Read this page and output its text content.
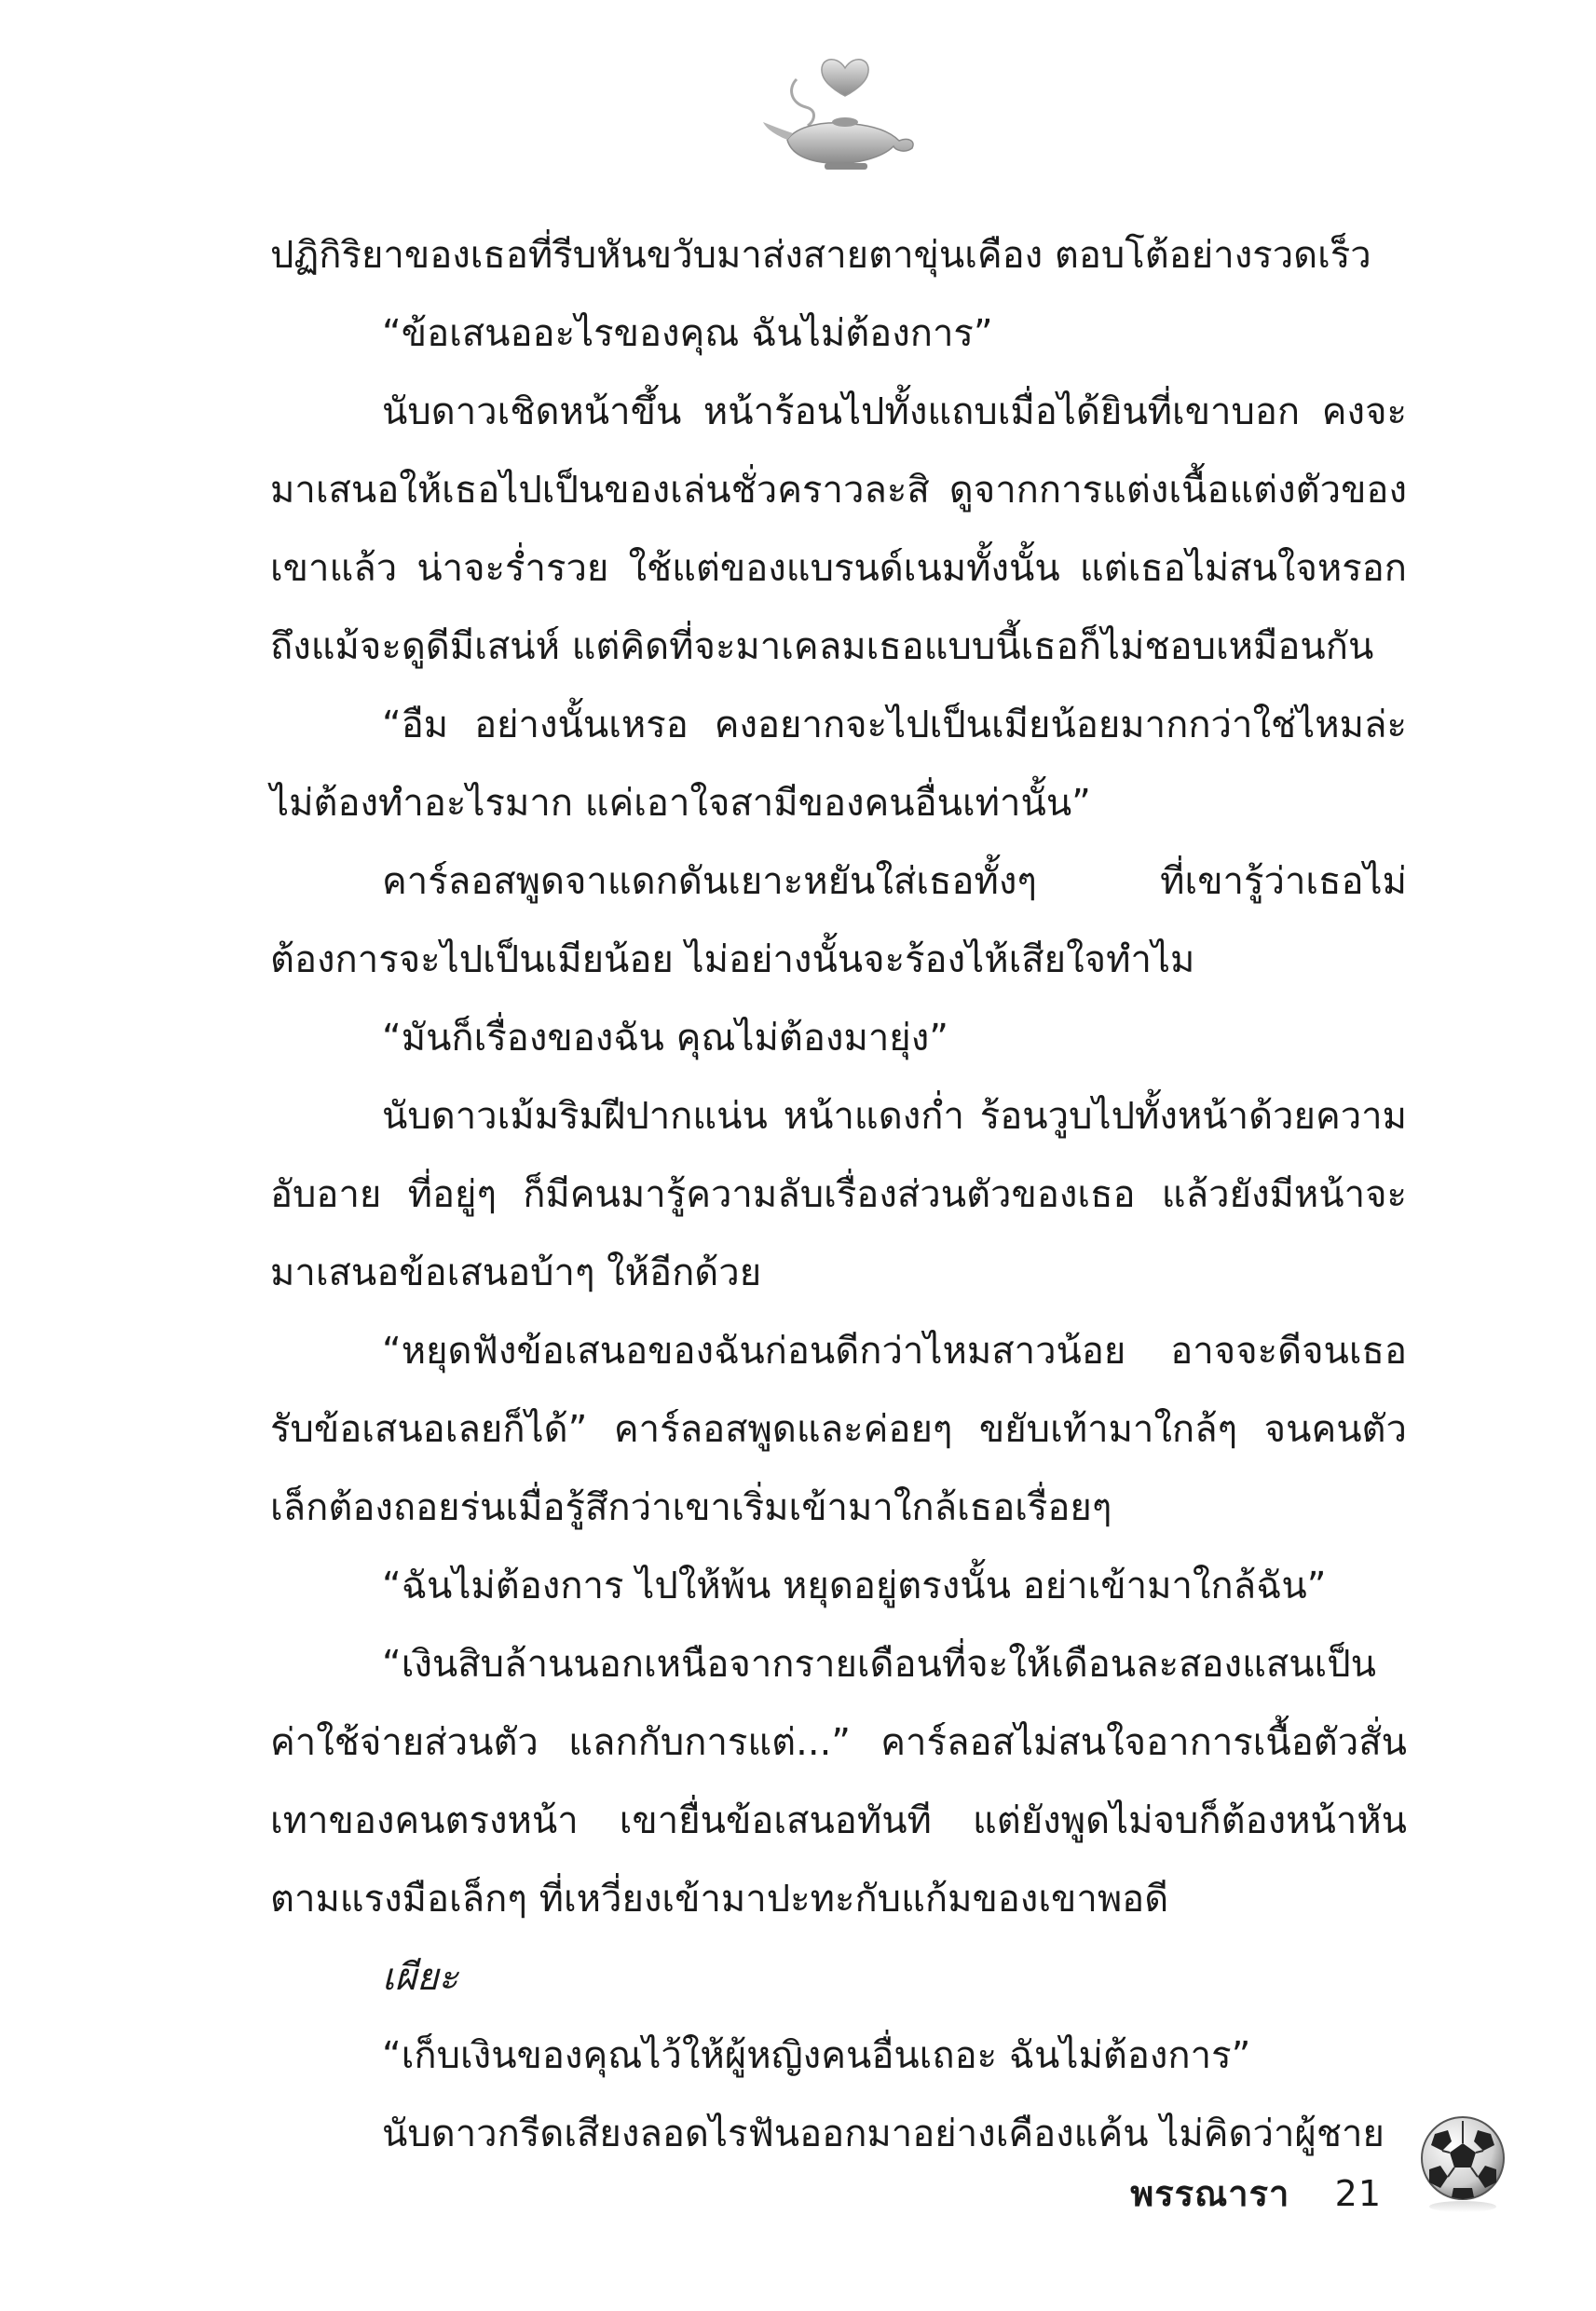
ปฏิกิริยาของเธอที่รีบหันขวับมาส่งสายตาขุ่นเคือง ตอบโต้อย่างรวดเร็ว

“ข้อเสนออะไรของคุณ ฉันไม่ต้องการ”

นับดาวเชิดหน้าขึ้น หน้าร้อนไปทั้งแถบเมื่อได้ยินที่เขาบอก คงจะมาเสนอให้เธอไปเป็นของเล่นชั่วคราวละสิ ดูจากการแต่งเนื้อแต่งตัวของเขาแล้ว น่าจะร่ำรวย ใช้แต่ของแบรนด์เนมทั้งนั้น แต่เธอไม่สนใจหรอก ถึงแม้จะดูดีมีเสน่ห์ แต่คิดที่จะมาเคลมเธอแบบนี้เธอก็ไม่ชอบเหมือนกัน

“อืม อย่างนั้นเหรอ คงอยากจะไปเป็นเมียน้อยมากกว่าใช่ไหมล่ะ ไม่ต้องทำอะไรมาก แค่เอาใจสามีของคนอื่นเท่านั้น”

คาร์ลอสพูดจาแดกดันเยาะหยันใส่เธอทั้งๆ ที่เขารู้ว่าเธอไม่ต้องการจะไปเป็นเมียน้อย ไม่อย่างนั้นจะร้องไห้เสียใจทำไม

“มันก็เรื่องของฉัน คุณไม่ต้องมายุ่ง”

นับดาวเม้มริมฝีปากแน่น หน้าแดงก่ำ ร้อนวูบไปทั้งหน้าด้วยความอับอาย ที่อยู่ๆ ก็มีคนมารู้ความลับเรื่องส่วนตัวของเธอ แล้วยังมีหน้าจะมาเสนอข้อเสนอบ้าๆ ให้อีกด้วย

“หยุดฟังข้อเสนอของฉันก่อนดีกว่าไหมสาวน้อย อาจจะดีจนเธอรับข้อเสนอเลยก็ได้” คาร์ลอสพูดและค่อยๆ ขยับเท้ามาใกล้ๆ จนคนตัวเล็กต้องถอยร่นเมื่อรู้สึกว่าเขาเริ่มเข้ามาใกล้เธอเรื่อยๆ

“ฉันไม่ต้องการ ไปให้พ้น หยุดอยู่ตรงนั้น อย่าเข้ามาใกล้ฉัน”

“เงินสิบล้านนอกเหนือจากรายเดือนที่จะให้เดือนละสองแสนเป็นค่าใช้จ่ายส่วนตัว แลกกับการแต่...” คาร์ลอสไม่สนใจอาการเนื้อตัวสั่นเทาของคนตรงหน้า เขายื่นข้อเสนอทันที แต่ยังพูดไม่จบก็ต้องหน้าหันตามแรงมือเล็กๆ ที่เหวี่ยงเข้ามาปะทะกับแก้มของเขาพอดี

เผียะ

“เก็บเงินของคุณไว้ให้ผู้หญิงคนอื่นเถอะ ฉันไม่ต้องการ”

นับดาวกรีดเสียงลอดไรฟันออกมาอย่างเคืองแค้น ไม่คิดว่าผู้ชาย

พรรณารา 21
